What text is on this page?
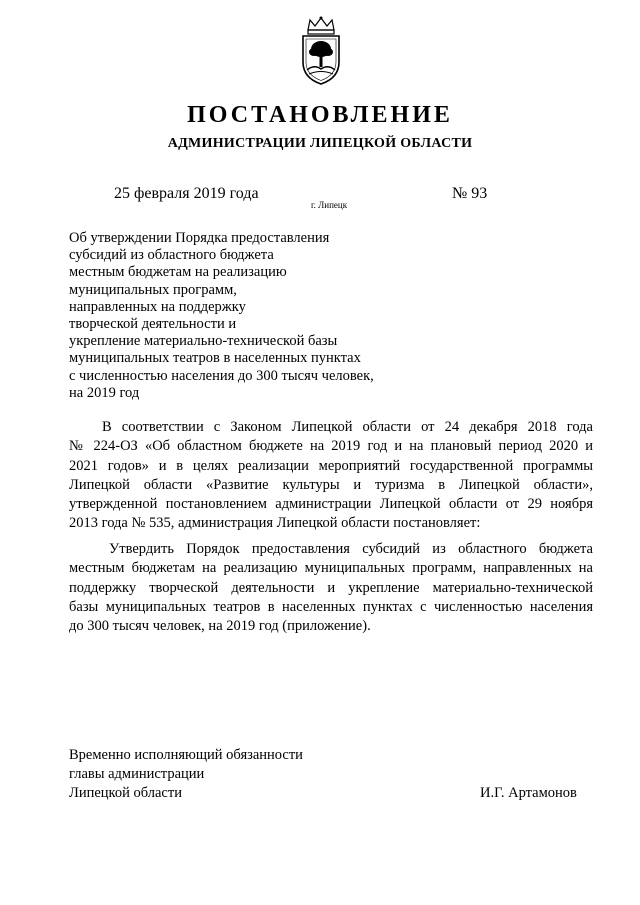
ПОСТАНОВЛЕНИЕ
АДМИНИСТРАЦИИ ЛИПЕЦКОЙ ОБЛАСТИ
25 февраля 2019 года
г. Липецк
№ 93
Об утверждении Порядка предоставления
субсидий из областного бюджета
местным бюджетам на реализацию
муниципальных программ,
направленных на поддержку
творческой деятельности и
укрепление материально-технической базы
муниципальных театров в населенных пунктах
с численностью населения до 300 тысяч человек,
на 2019 год
В соответствии с Законом Липецкой области от 24 декабря 2018 года
№ 224-ОЗ «Об областном бюджете на 2019 год и на плановый период 2020 и
2021 годов» и в целях реализации мероприятий государственной программы
Липецкой области «Развитие культуры и туризма в Липецкой области»,
утвержденной постановлением администрации Липецкой области от 29 ноября
2013 года № 535, администрация Липецкой области постановляет:
Утвердить Порядок предоставления субсидий из областного бюджета
местным бюджетам на реализацию муниципальных программ, направленных на
поддержку творческой деятельности и укрепление материально-технической
базы муниципальных театров в населенных пунктах с численностью населения
до 300 тысяч человек, на 2019 год (приложение).
Временно исполняющий обязанности
главы администрации
Липецкой области	И.Г. Артамонов
